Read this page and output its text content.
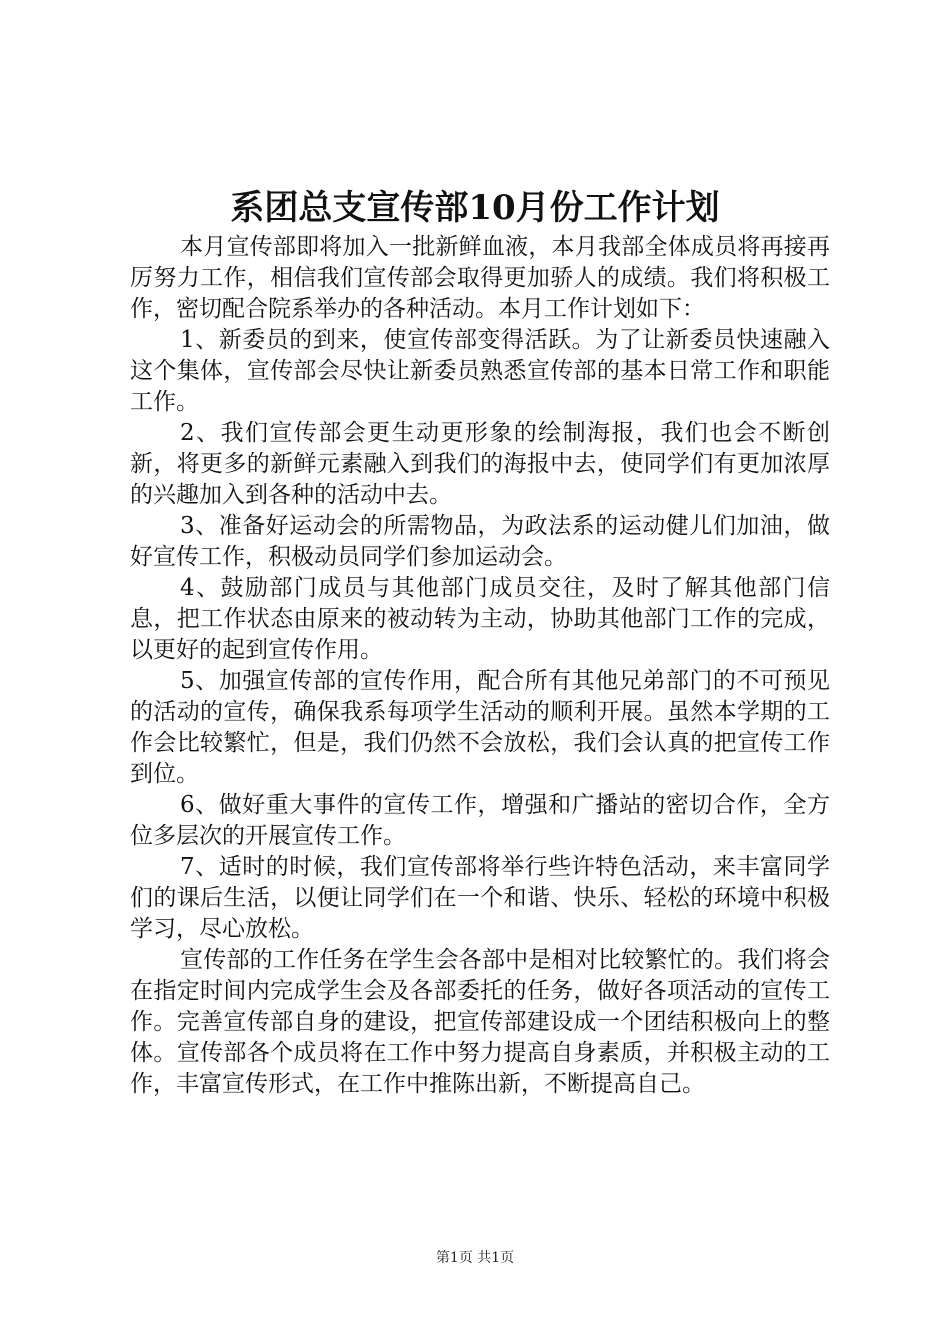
系团总支宣传部10月份工作计划

本月宣传部即将加入一批新鲜血液，本月我部全体成员将再接再厉努力工作，相信我们宣传部会取得更加骄人的成绩。我们将积极工作，密切配合院系举办的各种活动。本月工作计划如下：

1、新委员的到来，使宣传部变得活跃。为了让新委员快速融入这个集体，宣传部会尽快让新委员熟悉宣传部的基本日常工作和职能工作。

2、我们宣传部会更生动更形象的绘制海报，我们也会不断创新，将更多的新鲜元素融入到我们的海报中去，使同学们有更加浓厚的兴趣加入到各种的活动中去。

3、准备好运动会的所需物品，为政法系的运动健儿们加油，做好宣传工作，积极动员同学们参加运动会。

4、鼓励部门成员与其他部门成员交往，及时了解其他部门信息，把工作状态由原来的被动转为主动，协助其他部门工作的完成，以更好的起到宣传作用。

5、加强宣传部的宣传作用，配合所有其他兄弟部门的不可预见的活动的宣传，确保我系每项学生活动的顺利开展。虽然本学期的工作会比较繁忙，但是，我们仍然不会放松，我们会认真的把宣传工作到位。

6、做好重大事件的宣传工作，增强和广播站的密切合作，全方位多层次的开展宣传工作。

7、适时的时候，我们宣传部将举行些许特色活动，来丰富同学们的课后生活，以便让同学们在一个和谐、快乐、轻松的环境中积极学习，尽心放松。

宣传部的工作任务在学生会各部中是相对比较繁忙的。我们将会在指定时间内完成学生会及各部委托的任务，做好各项活动的宣传工作。完善宣传部自身的建设，把宣传部建设成一个团结积极向上的整体。宣传部各个成员将在工作中努力提高自身素质，并积极主动的工作，丰富宣传形式，在工作中推陈出新，不断提高自己。

第1页 共1页
